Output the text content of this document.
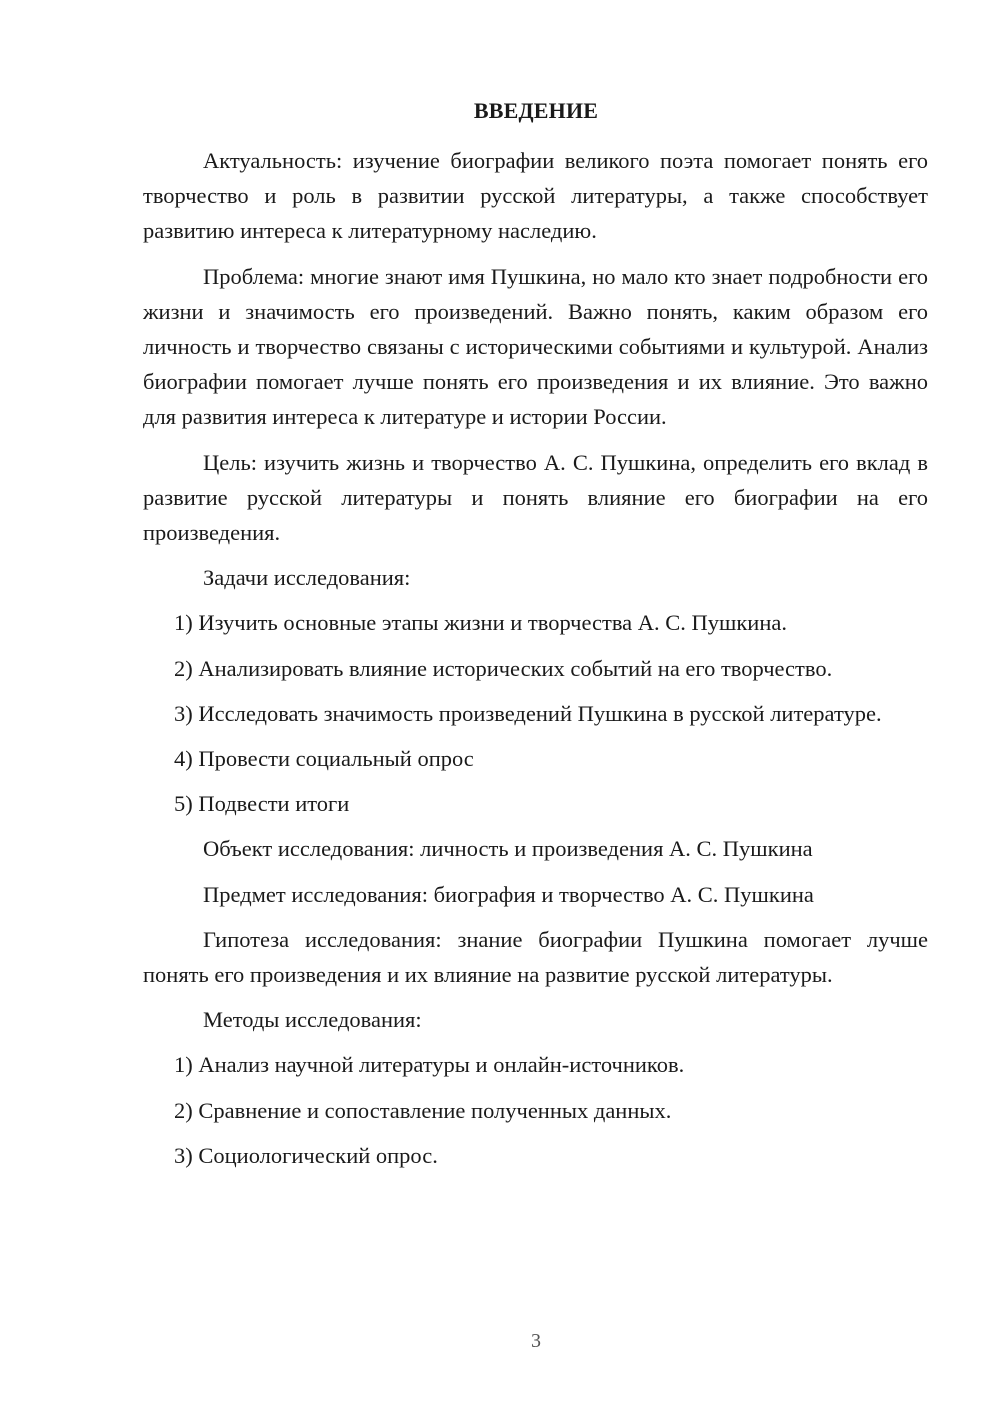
ВВЕДЕНИЕ

Актуальность: изучение биографии великого поэта помогает понять его творчество и роль в развитии русской литературы, а также способствует развитию интереса к литературному наследию.

Проблема: многие знают имя Пушкина, но мало кто знает подробности его жизни и значимость его произведений. Важно понять, каким образом его личность и творчество связаны с историческими событиями и культурой. Анализ биографии помогает лучше понять его произведения и их влияние. Это важно для развития интереса к литературе и истории России.

Цель: изучить жизнь и творчество А. С. Пушкина, определить его вклад в развитие русской литературы и понять влияние его биографии на его произведения.

Задачи исследования:

1) Изучить основные этапы жизни и творчества А. С. Пушкина.

2) Анализировать влияние исторических событий на его творчество.

3) Исследовать значимость произведений Пушкина в русской литературе.

4) Провести социальный опрос

5) Подвести итоги

Объект исследования: личность и произведения А. С. Пушкина

Предмет исследования: биография и творчество А. С. Пушкина

Гипотеза исследования: знание биографии Пушкина помогает лучше понять его произведения и их влияние на развитие русской литературы.

Методы исследования:

1) Анализ научной литературы и онлайн-источников.

2) Сравнение и сопоставление полученных данных.

3) Социологический опрос.

3
